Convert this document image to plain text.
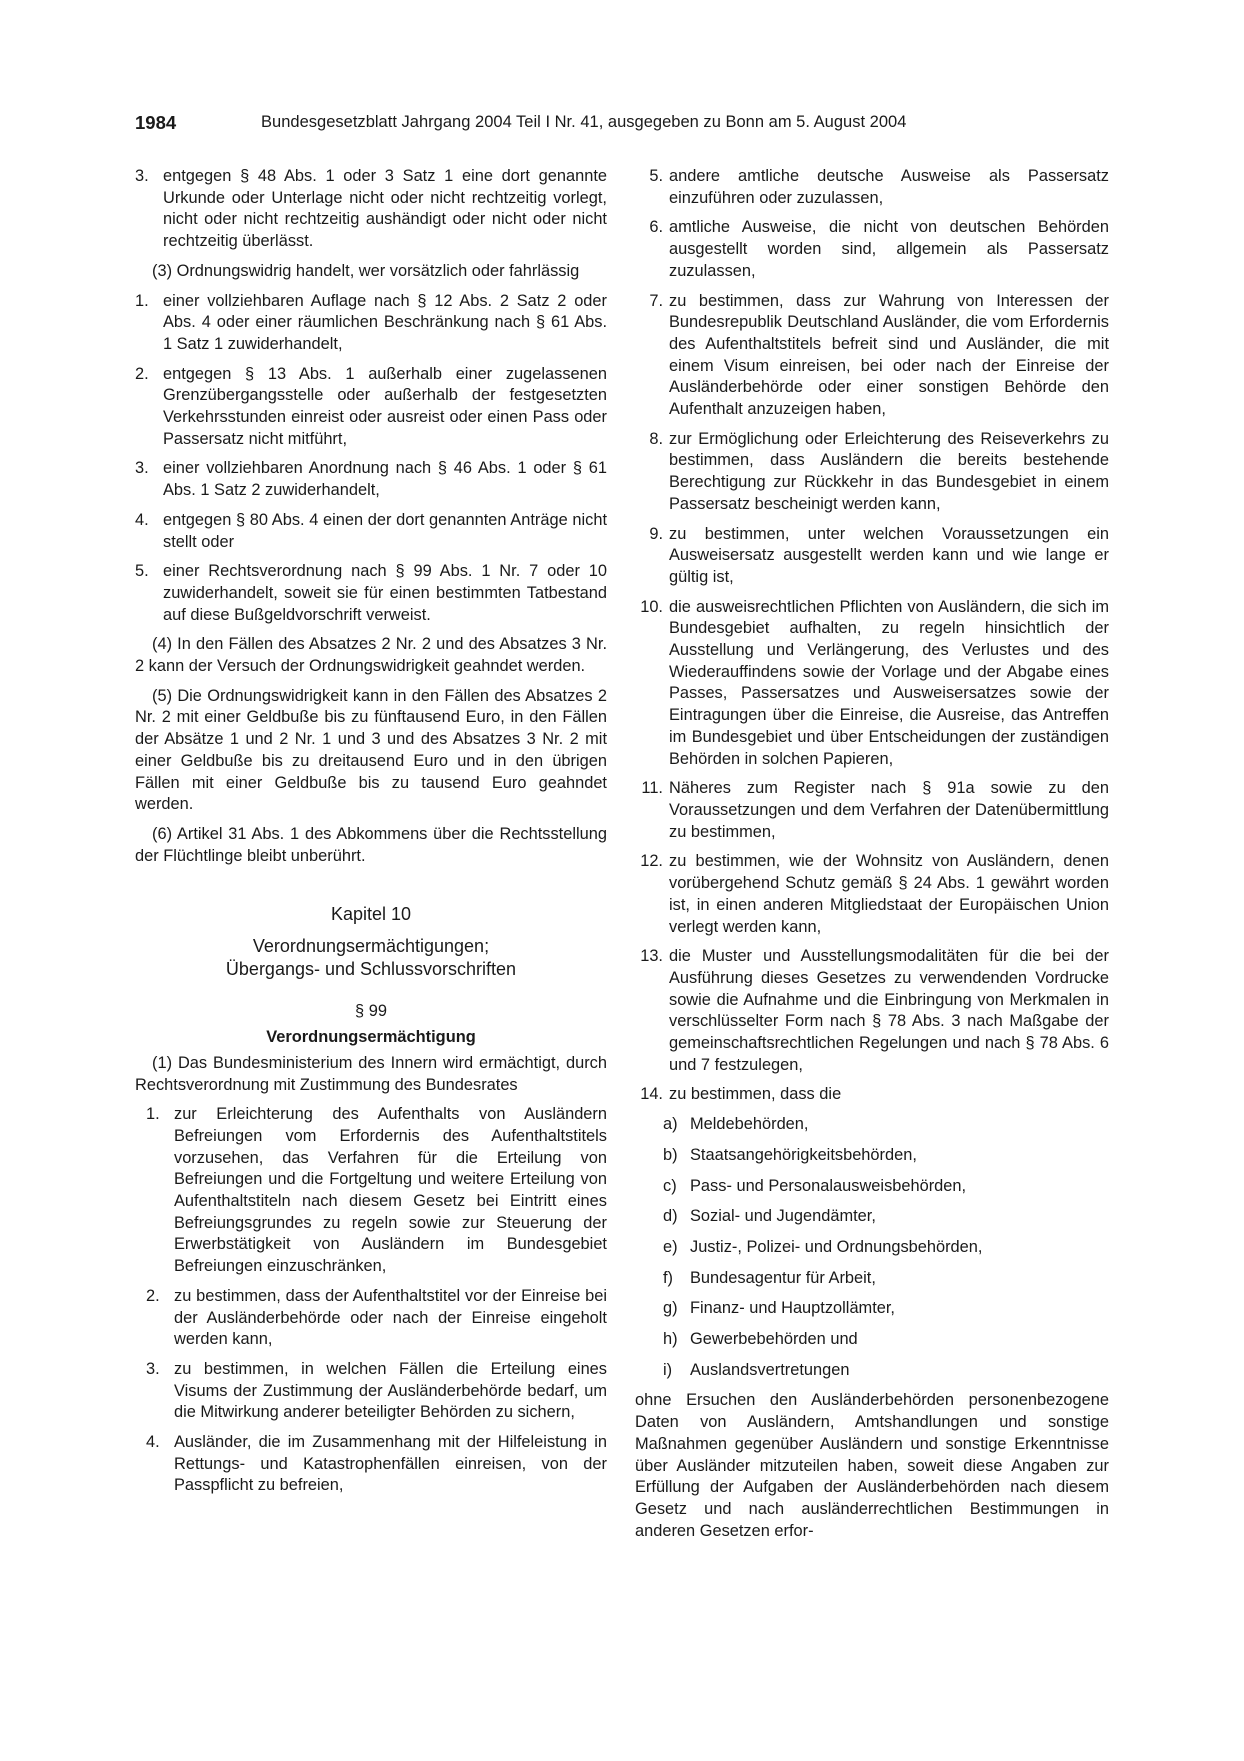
1984	Bundesgesetzblatt Jahrgang 2004 Teil I Nr. 41, ausgegeben zu Bonn am 5. August 2004
3. entgegen § 48 Abs. 1 oder 3 Satz 1 eine dort genannte Urkunde oder Unterlage nicht oder nicht rechtzeitig vorlegt, nicht oder nicht rechtzeitig aushändigt oder nicht oder nicht rechtzeitig überlässt.

(3) Ordnungswidrig handelt, wer vorsätzlich oder fahrlässig

1. einer vollziehbaren Auflage nach § 12 Abs. 2 Satz 2 oder Abs. 4 oder einer räumlichen Beschränkung nach § 61 Abs. 1 Satz 1 zuwiderhandelt,
2. entgegen § 13 Abs. 1 außerhalb einer zugelassenen Grenzübergangsstelle oder außerhalb der festgesetzten Verkehrsstunden einreist oder ausreist oder einen Pass oder Passersatz nicht mitführt,
3. einer vollziehbaren Anordnung nach § 46 Abs. 1 oder § 61 Abs. 1 Satz 2 zuwiderhandelt,
4. entgegen § 80 Abs. 4 einen der dort genannten Anträge nicht stellt oder
5. einer Rechtsverordnung nach § 99 Abs. 1 Nr. 7 oder 10 zuwiderhandelt, soweit sie für einen bestimmten Tatbestand auf diese Bußgeldvorschrift verweist.

(4) In den Fällen des Absatzes 2 Nr. 2 und des Absatzes 3 Nr. 2 kann der Versuch der Ordnungswidrigkeit geahndet werden.

(5) Die Ordnungswidrigkeit kann in den Fällen des Absatzes 2 Nr. 2 mit einer Geldbuße bis zu fünftausend Euro, in den Fällen der Absätze 1 und 2 Nr. 1 und 3 und des Absatzes 3 Nr. 2 mit einer Geldbuße bis zu dreitausend Euro und in den übrigen Fällen mit einer Geldbuße bis zu tausend Euro geahndet werden.

(6) Artikel 31 Abs. 1 des Abkommens über die Rechtsstellung der Flüchtlinge bleibt unberührt.

Kapitel 10
Verordnungsermächtigungen;
Übergangs- und Schlussvorschriften
§ 99
Verordnungsermächtigung

(1) Das Bundesministerium des Innern wird ermächtigt, durch Rechtsverordnung mit Zustimmung des Bundesrates

1. zur Erleichterung des Aufenthalts von Ausländern Befreiungen vom Erfordernis des Aufenthaltstitels vorzusehen, das Verfahren für die Erteilung von Befreiungen und die Fortgeltung und weitere Erteilung von Aufenthaltstiteln nach diesem Gesetz bei Eintritt eines Befreiungsgrundes zu regeln sowie zur Steuerung der Erwerbstätigkeit von Ausländern im Bundesgebiet Befreiungen einzuschränken,
2. zu bestimmen, dass der Aufenthaltstitel vor der Einreise bei der Ausländerbehörde oder nach der Einreise eingeholt werden kann,
3. zu bestimmen, in welchen Fällen die Erteilung eines Visums der Zustimmung der Ausländerbehörde bedarf, um die Mitwirkung anderer beteiligter Behörden zu sichern,
4. Ausländer, die im Zusammenhang mit der Hilfeleistung in Rettungs- und Katastrophenfällen einreisen, von der Passpflicht zu befreien,
5. andere amtliche deutsche Ausweise als Passersatz einzuführen oder zuzulassen,
6. amtliche Ausweise, die nicht von deutschen Behörden ausgestellt worden sind, allgemein als Passersatz zuzulassen,
7. zu bestimmen, dass zur Wahrung von Interessen der Bundesrepublik Deutschland Ausländer, die vom Erfordernis des Aufenthaltstitels befreit sind und Ausländer, die mit einem Visum einreisen, bei oder nach der Einreise der Ausländerbehörde oder einer sonstigen Behörde den Aufenthalt anzuzeigen haben,
8. zur Ermöglichung oder Erleichterung des Reiseverkehrs zu bestimmen, dass Ausländern die bereits bestehende Berechtigung zur Rückkehr in das Bundesgebiet in einem Passersatz bescheinigt werden kann,
9. zu bestimmen, unter welchen Voraussetzungen ein Ausweisersatz ausgestellt werden kann und wie lange er gültig ist,
10. die ausweisrechtlichen Pflichten von Ausländern, die sich im Bundesgebiet aufhalten, zu regeln hinsichtlich der Ausstellung und Verlängerung, des Verlustes und des Wiederauffindens sowie der Vorlage und der Abgabe eines Passes, Passersatzes und Ausweisersatzes sowie der Eintragungen über die Einreise, die Ausreise, das Antreffen im Bundesgebiet und über Entscheidungen der zuständigen Behörden in solchen Papieren,
11. Näheres zum Register nach § 91a sowie zu den Voraussetzungen und dem Verfahren der Datenübermittlung zu bestimmen,
12. zu bestimmen, wie der Wohnsitz von Ausländern, denen vorübergehend Schutz gemäß § 24 Abs. 1 gewährt worden ist, in einen anderen Mitgliedstaat der Europäischen Union verlegt werden kann,
13. die Muster und Ausstellungsmodalitäten für die bei der Ausführung dieses Gesetzes zu verwendenden Vordrucke sowie die Aufnahme und die Einbringung von Merkmalen in verschlüsselter Form nach § 78 Abs. 3 nach Maßgabe der gemeinschaftsrechtlichen Regelungen und nach § 78 Abs. 6 und 7 festzulegen,
14. zu bestimmen, dass die
a) Meldebehörden,
b) Staatsangehörigkeitsbehörden,
c) Pass- und Personalausweisbehörden,
d) Sozial- und Jugendämter,
e) Justiz-, Polizei- und Ordnungsbehörden,
f) Bundesagentur für Arbeit,
g) Finanz- und Hauptzollämter,
h) Gewerbebehörden und
i) Auslandsvertretungen

ohne Ersuchen den Ausländerbehörden personenbezogene Daten von Ausländern, Amtshandlungen und sonstige Maßnahmen gegenüber Ausländern und sonstige Erkenntnisse über Ausländer mitzuteilen haben, soweit diese Angaben zur Erfüllung der Aufgaben der Ausländerbehörden nach diesem Gesetz und nach ausländerrechtlichen Bestimmungen in anderen Gesetzen erfor-
